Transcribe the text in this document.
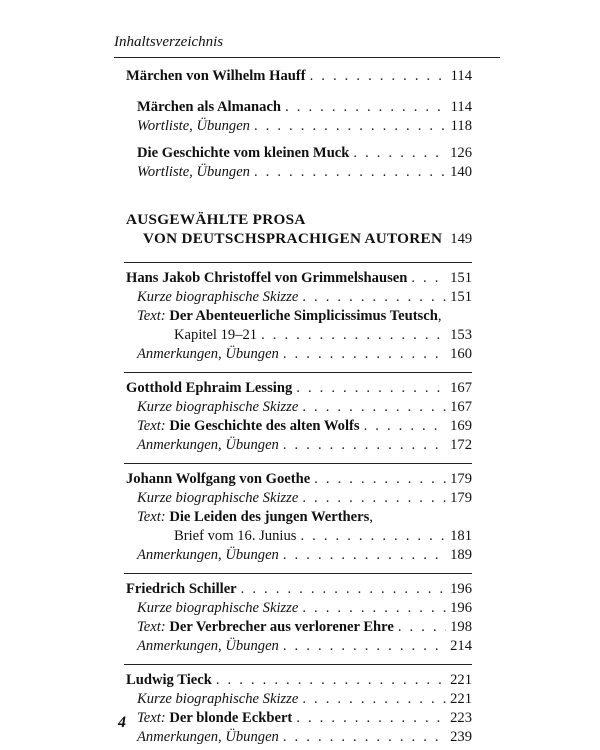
Inhaltsverzeichnis
Märchen von Wilhelm Hauff . . .	114
Märchen als Almanach . . .	114
Wortliste, Übungen . . .	118
Die Geschichte vom kleinen Muck . . .	126
Wortliste, Übungen . . .	140
AUSGEWÄHLTE PROSA
VON DEUTSCHSPRACHIGEN AUTOREN 149
Hans Jakob Christoffel von Grimmelshausen . . .	151
Kurze biographische Skizze . . .	151
Text: Der Abenteuerliche Simplicissimus Teutsch,
Kapitel 19–21 . . .	153
Anmerkungen, Übungen . . .	160
Gotthold Ephraim Lessing . . .	167
Kurze biographische Skizze . . .	167
Text: Die Geschichte des alten Wolfs . . .	169
Anmerkungen, Übungen . . .	172
Johann Wolfgang von Goethe . . .	179
Kurze biographische Skizze . . .	179
Text: Die Leiden des jungen Werthers,
Brief vom 16. Junius . . .	181
Anmerkungen, Übungen . . .	189
Friedrich Schiller . . .	196
Kurze biographische Skizze . . .	196
Text: Der Verbrecher aus verlorener Ehre . . .	198
Anmerkungen, Übungen . . .	214
Ludwig Tieck . . .	221
Kurze biographische Skizze . . .	221
Text: Der blonde Eckbert . . .	223
Anmerkungen, Übungen . . .	239
4
